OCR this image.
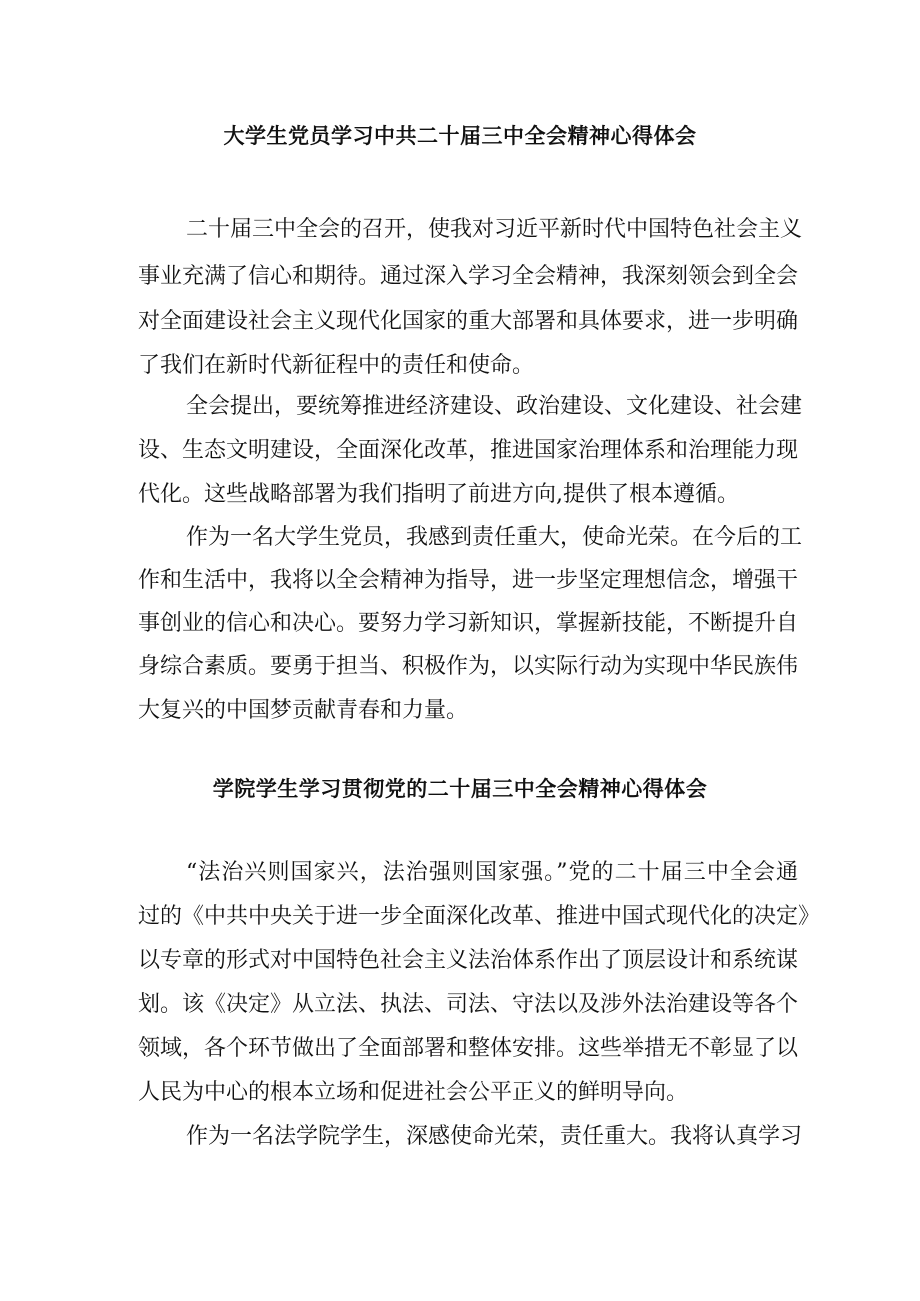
大学生党员学习中共二十届三中全会精神心得体会

二十届三中全会的召开，使我对习近平新时代中国特色社会主义

事业充满了信心和期待。通过深入学习全会精神，我深刻领会到全会

对全面建设社会主义现代化国家的重大部署和具体要求，进一步明确

了我们在新时代新征程中的责任和使命。

全会提出，要统筹推进经济建设、政治建设、文化建设、社会建

设、生态文明建设，全面深化改革，推进国家治理体系和治理能力现

代化。这些战略部署为我们指明了前进方向,提供了根本遵循。

作为一名大学生党员，我感到责任重大，使命光荣。在今后的工

作和生活中，我将以全会精神为指导，进一步坚定理想信念，增强干

事创业的信心和决心。要努力学习新知识，掌握新技能，不断提升自

身综合素质。要勇于担当、积极作为，以实际行动为实现中华民族伟

大复兴的中国梦贡献青春和力量。

学院学生学习贯彻党的二十届三中全会精神心得体会

“法治兴则国家兴，法治强则国家强。”党的二十届三中全会通

过的《中共中央关于进一步全面深化改革、推进中国式现代化的决定》

以专章的形式对中国特色社会主义法治体系作出了顶层设计和系统谋

划。该《决定》从立法、执法、司法、守法以及涉外法治建设等各个

领域，各个环节做出了全面部署和整体安排。这些举措无不彰显了以

人民为中心的根本立场和促进社会公平正义的鲜明导向。

作为一名法学院学生，深感使命光荣，责任重大。我将认真学习
